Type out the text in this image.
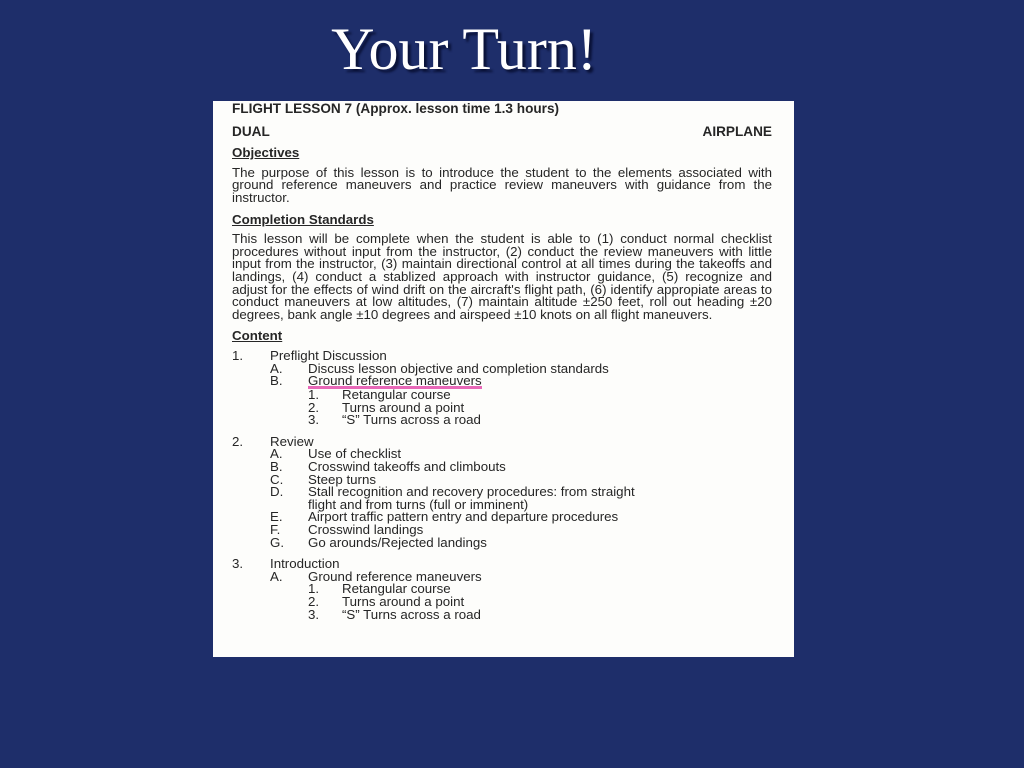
Your Turn!
FLIGHT LESSON 7 (Approx. lesson time 1.3 hours)
DUAL	AIRPLANE
Objectives
The purpose of this lesson is to introduce the student to the elements associated with ground reference maneuvers and practice review maneuvers with guidance from the instructor.
Completion Standards
This lesson will be complete when the student is able to (1) conduct normal checklist procedures without input from the instructor, (2) conduct the review maneuvers with little input from the instructor, (3) maintain directional control at all times during the takeoffs and landings, (4) conduct a stablized approach with instructor guidance, (5) recognize and adjust for the effects of wind drift on the aircraft's flight path, (6) identify appropiate areas to conduct maneuvers at low altitudes, (7) maintain altitude ±250 feet, roll out heading ±20 degrees, bank angle ±10 degrees and airspeed ±10 knots on all flight maneuvers.
Content
1.	Preflight Discussion
A.	Discuss lesson objective and completion standards
B.	Ground reference maneuvers
1.	Retangular course
2.	Turns around a point
3.	“S” Turns across a road
2.	Review
A.	Use of checklist
B.	Crosswind takeoffs and climbouts
C.	Steep turns
D.	Stall recognition and recovery procedures: from straight
flight and from turns (full or imminent)
E.	Airport traffic pattern entry and departure procedures
F.	Crosswind landings
G.	Go arounds/Rejected landings
3.	Introduction
A.	Ground reference maneuvers
1.	Retangular course
2.	Turns around a point
3.	“S” Turns across a road
